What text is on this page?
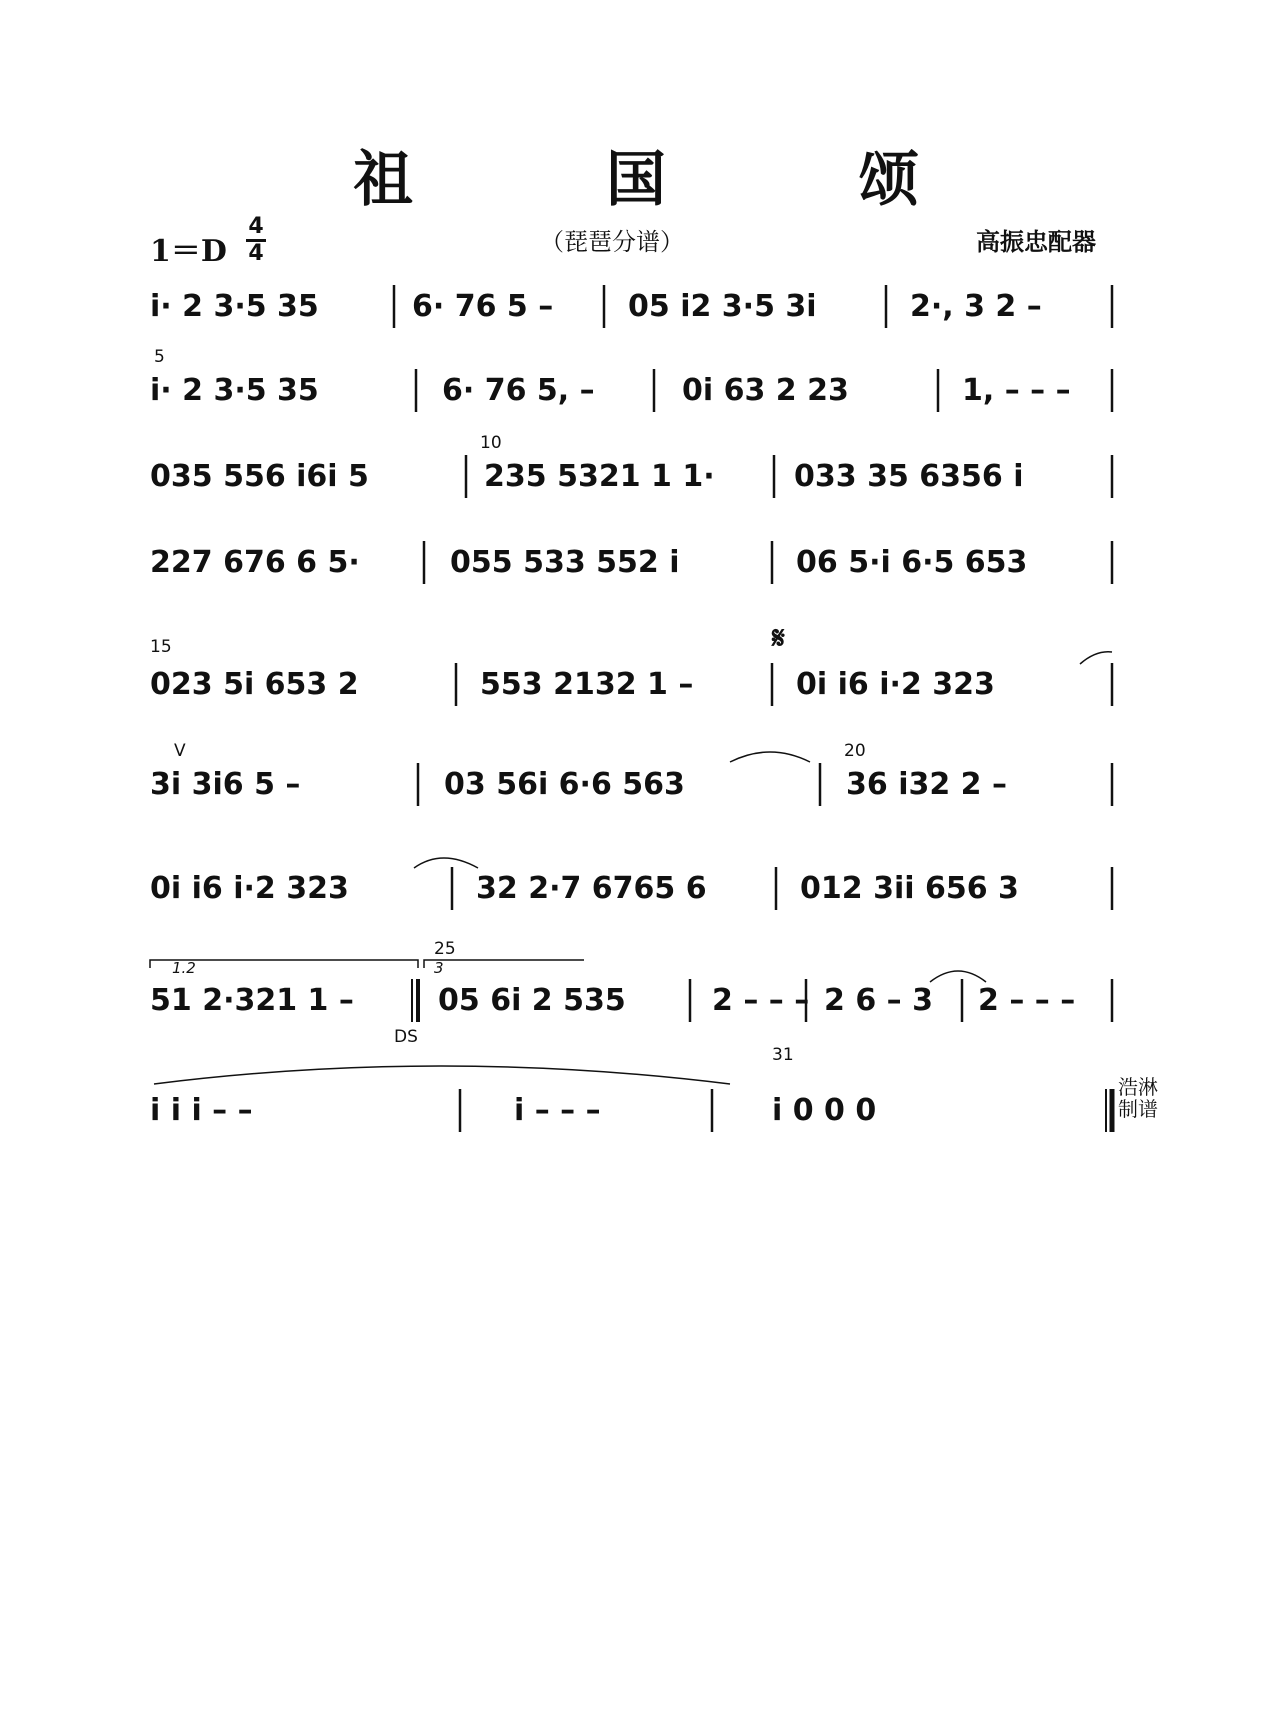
祖 国 颂
（琵琶分谱）	高振忠配器
1＝D
4
4
i· 2 3·5 35	6· 76 5 – 05 i2 3·5 3i	2·, 3 2 –
5
i· 2 3·5 35	6· 76 5, –	0i 63 2 23	1, – – –
035 556 i6i 5
10
235 5321 1 1·	033 35 6356 i
227 676 6 5·	055 533 552 i	06 5·i 6·5 653
15
023 5i 653 2	553 2132 1 –
𝄋
0i i6 i·2 323
V
3i 3i6 5 –	03 56i 6·6 563
20
36 i32 2 –
0i i6 i·2 323	32 2·7 6765 6	012 3ii 656 3
1.2
25
51 2·321 1 –
DS
3
05 6i 2 535	2 – – – 2 6 – 3 2 – – –
i i i – –	i – – –
31
i 0 0 0
浩淋
制谱
